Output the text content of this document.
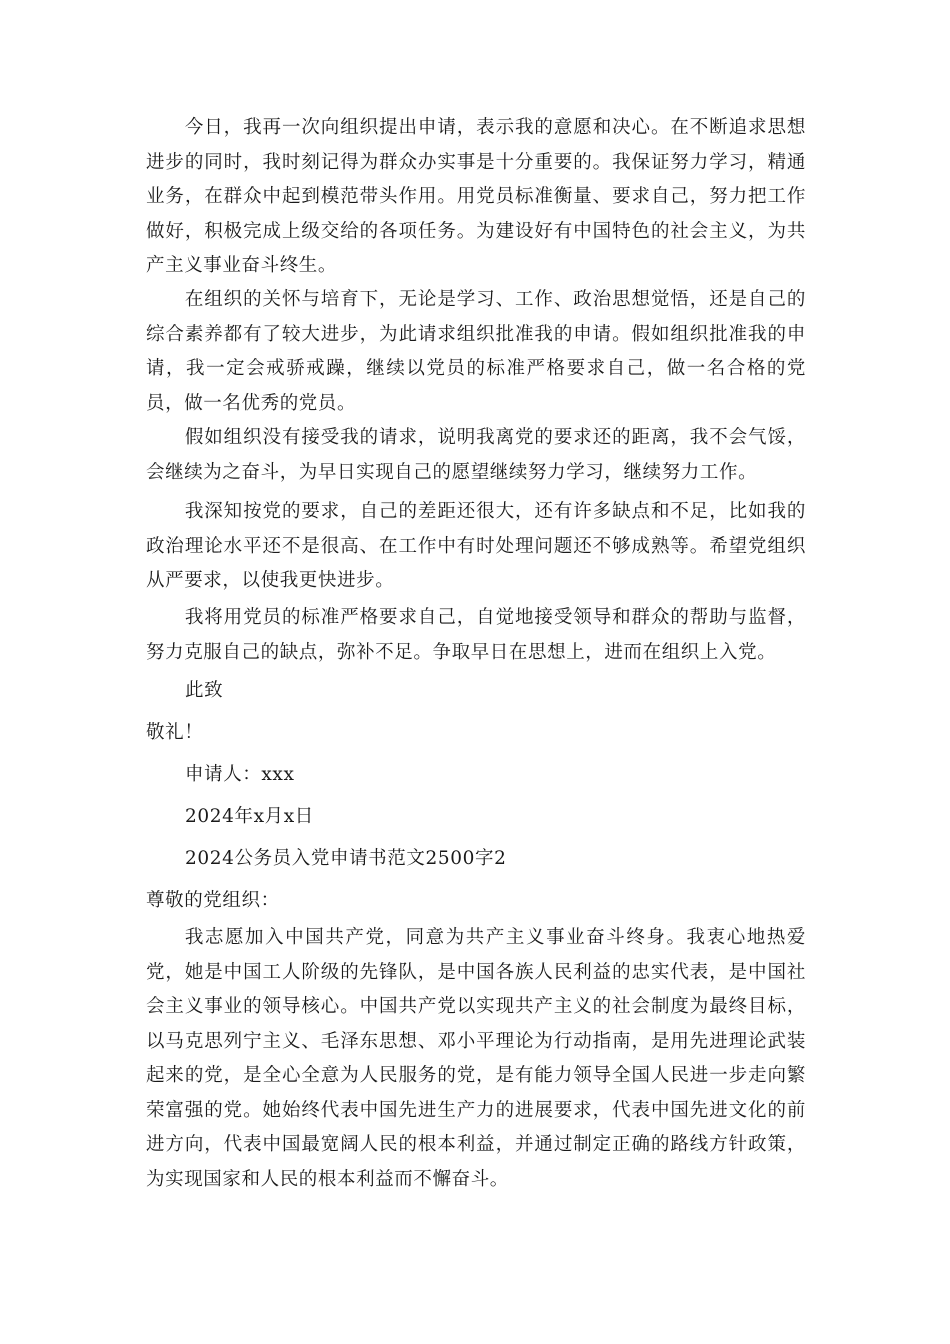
今日，我再一次向组织提出申请，表示我的意愿和决心。在不断追求思想进步的同时，我时刻记得为群众办实事是十分重要的。我保证努力学习，精通业务，在群众中起到模范带头作用。用党员标准衡量、要求自己，努力把工作做好，积极完成上级交给的各项任务。为建设好有中国特色的社会主义，为共产主义事业奋斗终生。

在组织的关怀与培育下，无论是学习、工作、政治思想觉悟，还是自己的综合素养都有了较大进步，为此请求组织批准我的申请。假如组织批准我的申请，我一定会戒骄戒躁，继续以党员的标准严格要求自己，做一名合格的党员，做一名优秀的党员。

假如组织没有接受我的请求，说明我离党的要求还的距离，我不会气馁，会继续为之奋斗，为早日实现自己的愿望继续努力学习，继续努力工作。

我深知按党的要求，自己的差距还很大，还有许多缺点和不足，比如我的政治理论水平还不是很高、在工作中有时处理问题还不够成熟等。希望党组织从严要求，以使我更快进步。

我将用党员的标准严格要求自己，自觉地接受领导和群众的帮助与监督，努力克服自己的缺点，弥补不足。争取早日在思想上，进而在组织上入党。

此致

敬礼！

申请人：xxx

2024年x月x日

2024公务员入党申请书范文2500字2

尊敬的党组织：

我志愿加入中国共产党，同意为共产主义事业奋斗终身。我衷心地热爱党，她是中国工人阶级的先锋队，是中国各族人民利益的忠实代表，是中国社会主义事业的领导核心。中国共产党以实现共产主义的社会制度为最终目标，以马克思列宁主义、毛泽东思想、邓小平理论为行动指南，是用先进理论武装起来的党，是全心全意为人民服务的党，是有能力领导全国人民进一步走向繁荣富强的党。她始终代表中国先进生产力的进展要求，代表中国先进文化的前进方向，代表中国最宽阔人民的根本利益，并通过制定正确的路线方针政策，为实现国家和人民的根本利益而不懈奋斗。
